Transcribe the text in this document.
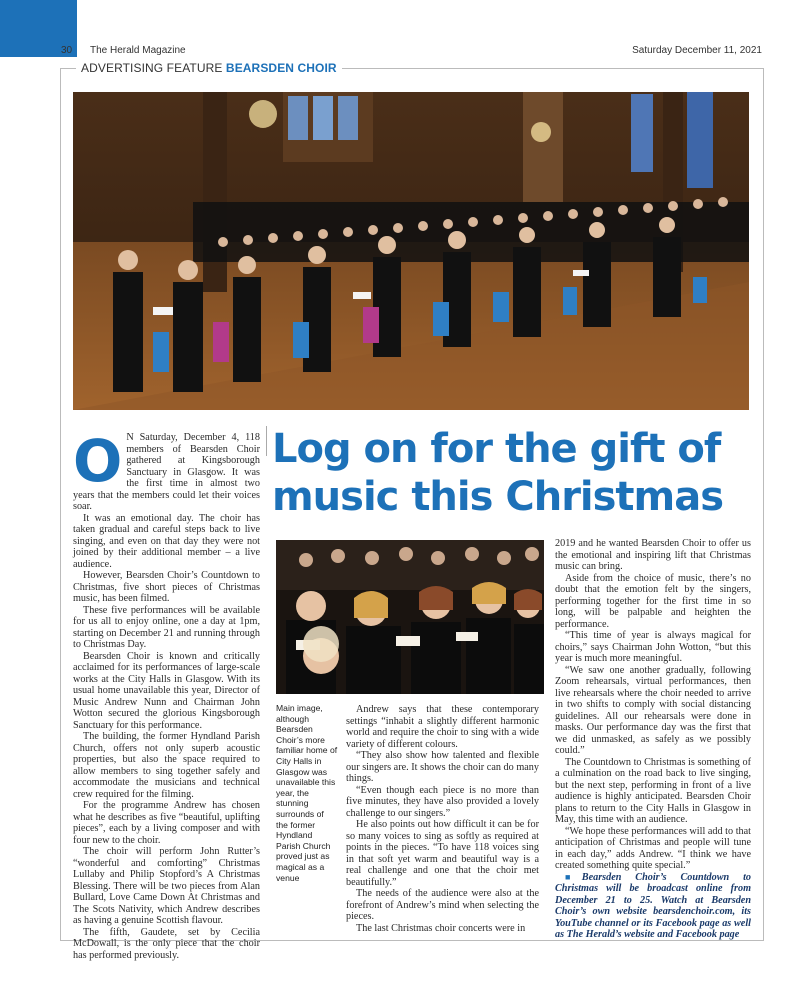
30 The Herald Magazine	Saturday December 11, 2021
ADVERTISING FEATURE BEARSDEN CHOIR
Log on for the gift of music this Christmas

O N Saturday, December 4, 118 members of Bearsden Choir gathered at Kingsborough Sanctuary in Glasgow. It was the first time in almost two years that the members could let their voices soar.

It was an emotional day. The choir has taken gradual and careful steps back to live singing, and even on that day they were not joined by their additional member – a live audience.

However, Bearsden Choir’s Countdown to Christmas, five short pieces of Christmas music, has been filmed.

These five performances will be available for us all to enjoy online, one a day at 1pm, starting on December 21 and running through to Christmas Day.

Bearsden Choir is known and critically acclaimed for its performances of large-scale works at the City Halls in Glasgow. With its usual home unavailable this year, Director of Music Andrew Nunn and Chairman John Wotton secured the glorious Kingsborough Sanctuary for this performance.

The building, the former Hyndland Parish Church, offers not only superb acoustic properties, but also the space required to allow members to sing together safely and accommodate the musicians and technical crew required for the filming.

For the programme Andrew has chosen what he describes as five “beautiful, uplifting pieces”, each by a living composer and with four new to the choir.

The choir will perform John Rutter’s “wonderful and comforting” Christmas Lullaby and Philip Stopford’s A Christmas Blessing. There will be two pieces from Alan Bullard, Love Came Down At Christmas and The Scots Nativity, which Andrew describes as having a genuine Scottish flavour.

The fifth, Gaudete, set by Cecilia McDowall, is the only piece that the choir has performed previously.

Main image, although Bearsden Choir’s more familiar home of City Halls in Glasgow was unavailable this year, the stunning surrounds of the former Hyndland Parish Church proved just as magical as a venue

Andrew says that these contemporary settings “inhabit a slightly different harmonic world and require the choir to sing with a wide variety of different colours.

“They also show how talented and flexible our singers are. It shows the choir can do many things.

“Even though each piece is no more than five minutes, they have also provided a lovely challenge to our singers.”

He also points out how difficult it can be for so many voices to sing as softly as required at points in the pieces. “To have 118 voices sing in that soft yet warm and beautiful way is a real challenge and one that the choir met beautifully.”

The needs of the audience were also at the forefront of Andrew’s mind when selecting the pieces.

The last Christmas choir concerts were in

2019 and he wanted Bearsden Choir to offer us the emotional and inspiring lift that Christmas music can bring.

Aside from the choice of music, there’s no doubt that the emotion felt by the singers, performing together for the first time in so long, will be palpable and heighten the performance.

“This time of year is always magical for choirs,” says Chairman John Wotton, “but this year is much more meaningful.

“We saw one another gradually, following Zoom rehearsals, virtual performances, then live rehearsals where the choir needed to arrive in two shifts to comply with social distancing guidelines. All our rehearsals were done in masks. Our performance day was the first that we did unmasked, as safely as we possibly could.”

The Countdown to Christmas is something of a culmination on the road back to live singing, but the next step, performing in front of a live audience is highly anticipated. Bearsden Choir plans to return to the City Halls in Glasgow in May, this time with an audience.

“We hope these performances will add to that anticipation of Christmas and people will tune in each day,” adds Andrew. “I think we have created something quite special.”

■Bearsden Choir’s Countdown to Christmas will be broadcast online from December 21 to 25. Watch at Bearsden Choir’s own website bearsdenchoir.com, its YouTube channel or its Facebook page as well as The Herald’s website and Facebook page
